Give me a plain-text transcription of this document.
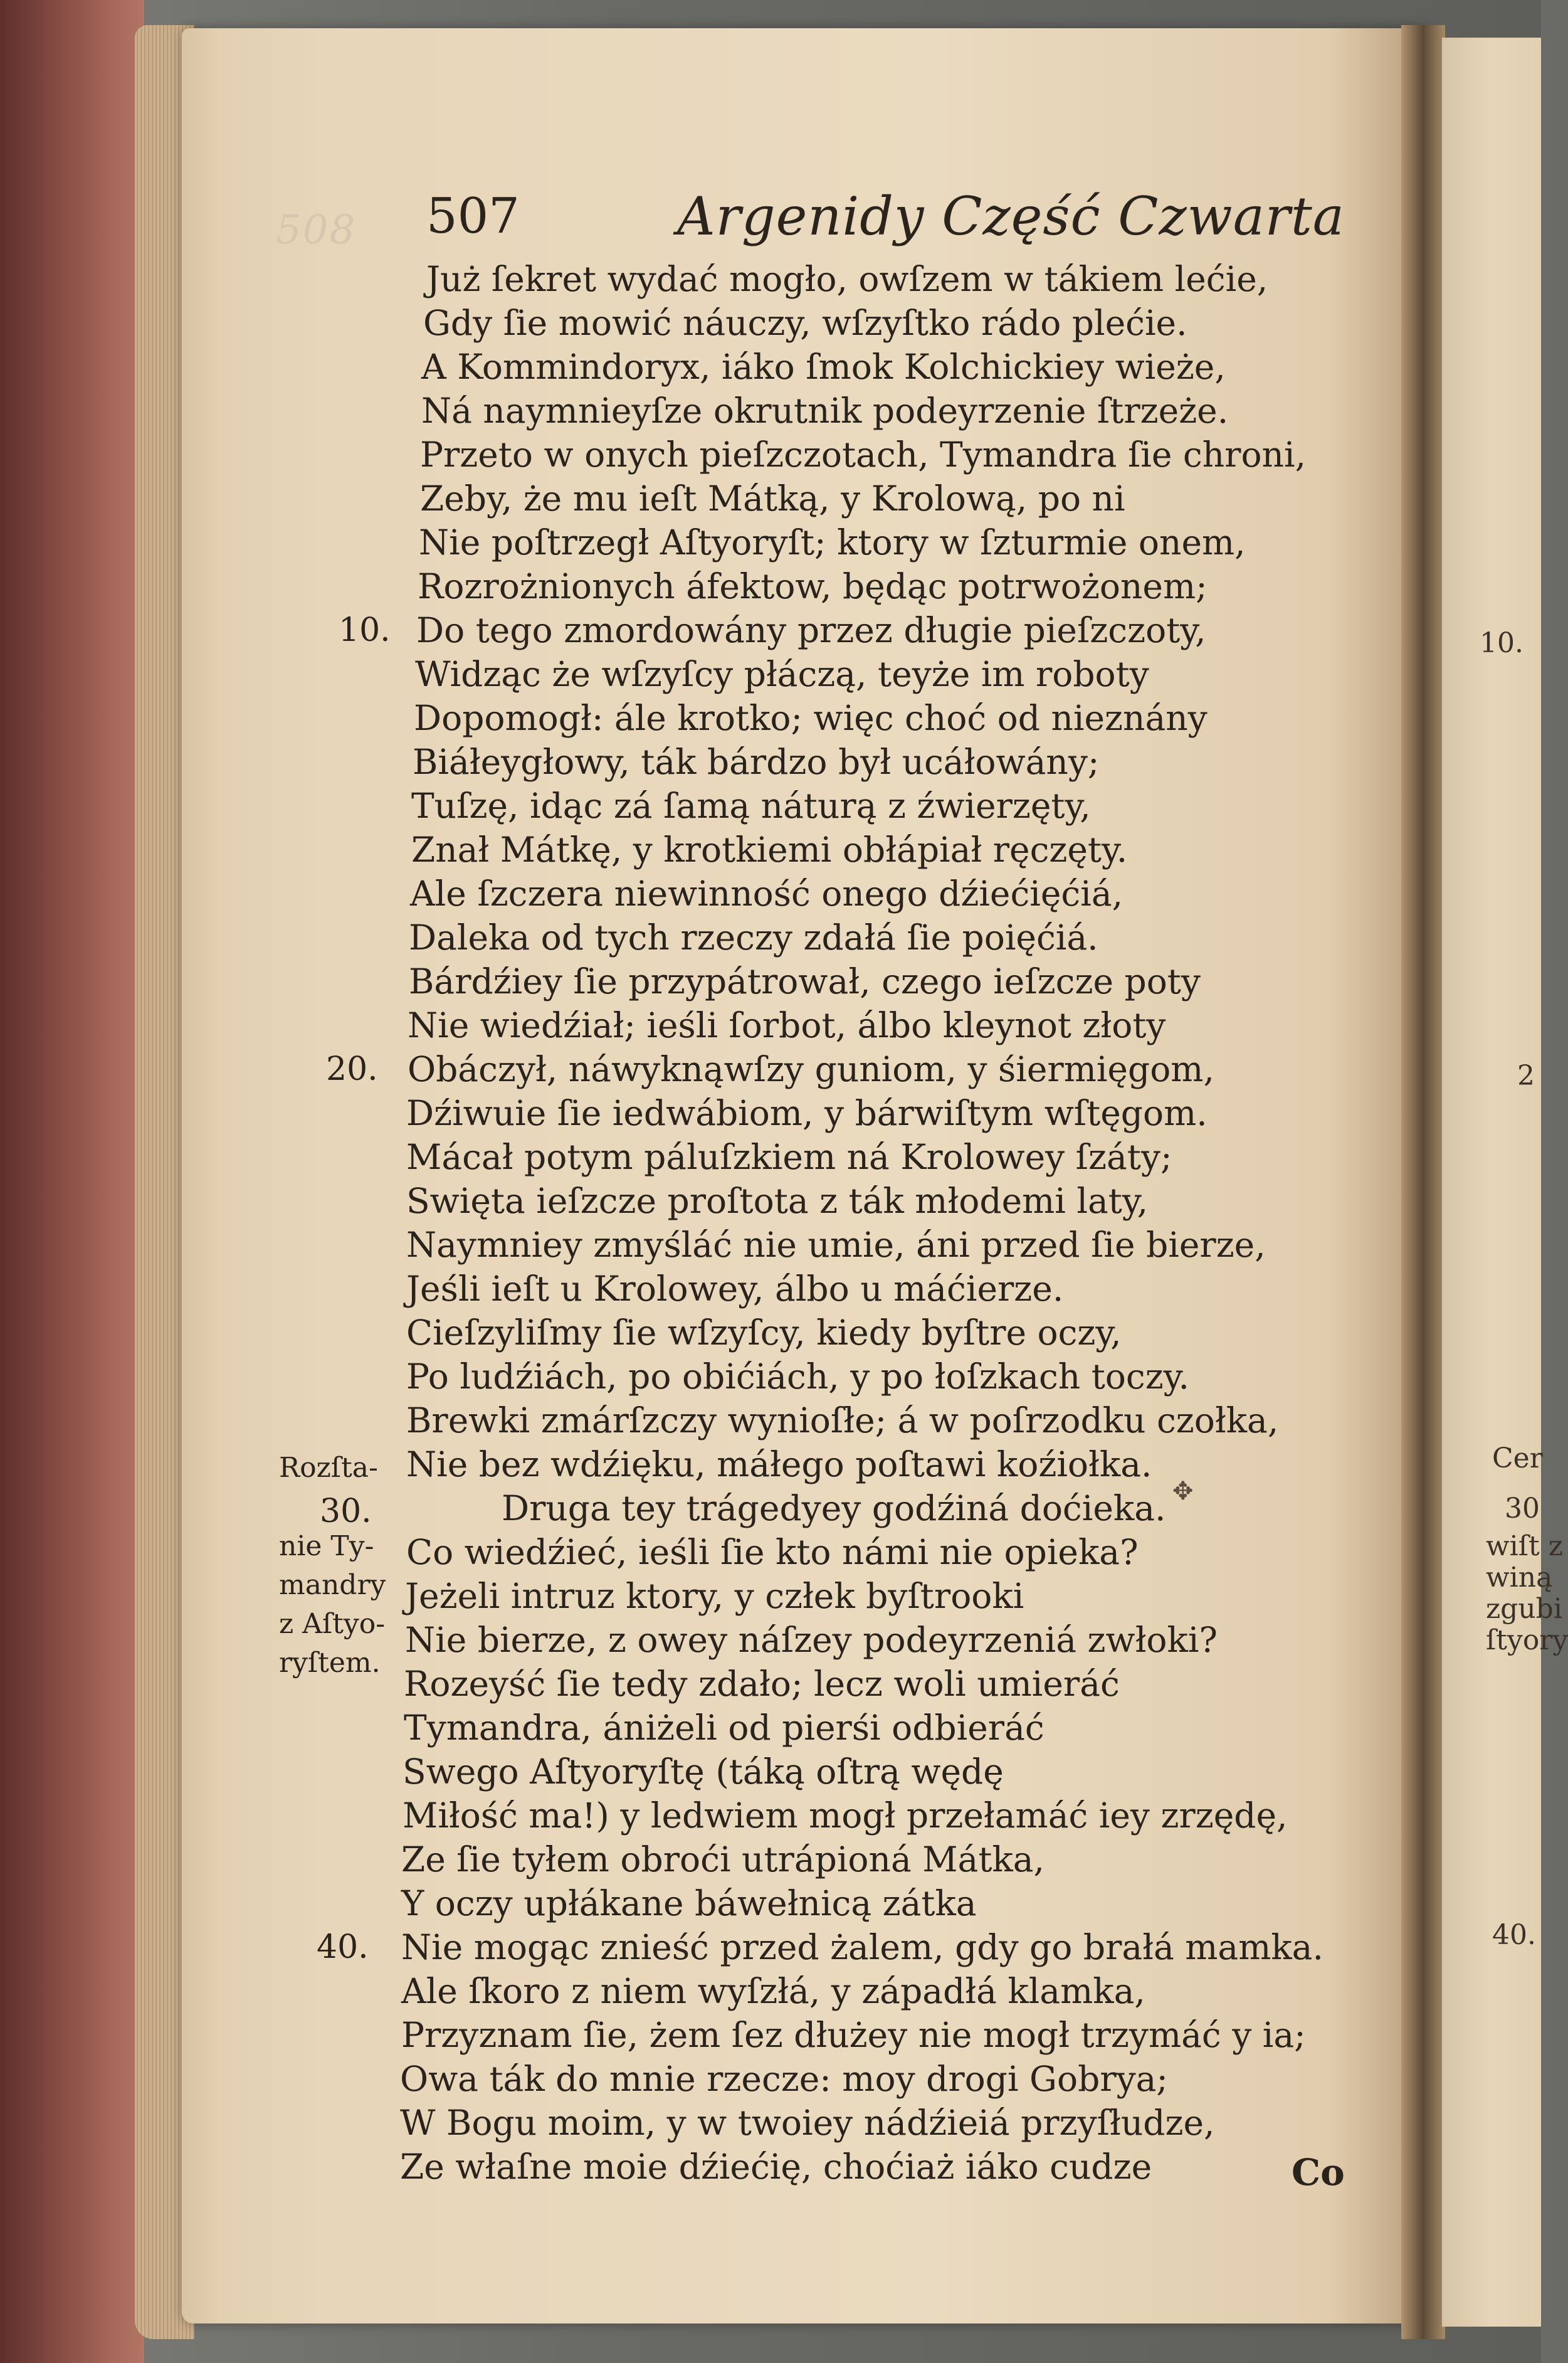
508 507	Argenidy Część Czwarta
Już ſekret wydać mogło, owſzem w tákiem lećie,
Gdy ſie mowić náuczy, wſzyſtko rádo plećie.
A Kommindoryx, iáko ſmok Kolchickiey wieże,
Ná naymnieyſze okrutnik podeyrzenie ſtrzeże.
Przeto w onych pieſzczotach, Tymandra ſie chroni,
Zeby, że mu ieſt Mátką, y Krolową, po ni
Nie poſtrzegł Aſtyoryſt; ktory w ſzturmie onem,
Rozrożnionych áfektow, będąc potrwożonem;
Do tego zmordowány przez długie pieſzczoty,
Widząc że wſzyſcy płáczą, teyże im roboty
Dopomogł: ále krotko; więc choć od nieznány
Biáłeygłowy, ták bárdzo był ucáłowány;
Tuſzę, idąc zá ſamą náturą z źwierzęty,
Znał Mátkę, y krotkiemi obłápiał ręczęty.
Ale ſzczera niewinność onego dźiećięćiá,
Daleka od tych rzeczy zdałá ſie poięćiá.
Bárdźiey ſie przypátrował, czego ieſzcze poty
Nie wiedźiał; ieśli ſorbot, álbo kleynot złoty
Obáczył, náwyknąwſzy guniom, y śiermięgom,
Dźiwuie ſie iedwábiom, y bárwiſtym wſtęgom.
Mácał potym páluſzkiem ná Krolowey ſzáty;
Swięta ieſzcze proſtota z ták młodemi laty,
Naymniey zmyśláć nie umie, áni przed ſie bierze,
Jeśli ieſt u Krolowey, álbo u máćierze.
Cieſzyliſmy ſie wſzyſcy, kiedy byſtre oczy,
Po ludźiách, po obićiách, y po łoſzkach toczy.
Brewki zmárſzczy wynioſłe; á w poſrzodku czołka,
Nie bez wdźięku, máłego poſtawi koźiołka.
Druga tey trágedyey godźiná doćieka.
Co wiedźieć, ieśli ſie kto námi nie opieka?
Jeżeli intruz ktory, y człek byſtrooki
Nie bierze, z owey náſzey podeyrzeniá zwłoki?
Rozeyść ſie tedy zdało; lecz woli umieráć
Tymandra, ániżeli od pierśi odbieráć
Swego Aſtyoryſtę (táką oſtrą wędę
Miłość ma!) y ledwiem mogł przełamáć iey zrzędę,
Ze ſie tyłem obroći utrápioná Mátka,
Y oczy upłákane báwełnicą zátka
Nie mogąc znieść przed żalem, gdy go brałá mamka.
Ale ſkoro z niem wyſzłá, y západłá klamka,
Przyznam ſie, żem ſez dłużey nie mogł trzymáć y ia;
Owa ták do mnie rzecze: moy drogi Gobrya;
W Bogu moim, y w twoiey nádźieiá przyſłudze,
Ze właſne moie dźiećię, choćiaż iáko cudze
10.
20.
30.
40.
Rozſta-
nie Ty-
mandry
z Aſtyo-
ryſtem.
✥
Co
10.
2
30
40.
Cer
wiſt z
winą
zgubi
ſtyory
